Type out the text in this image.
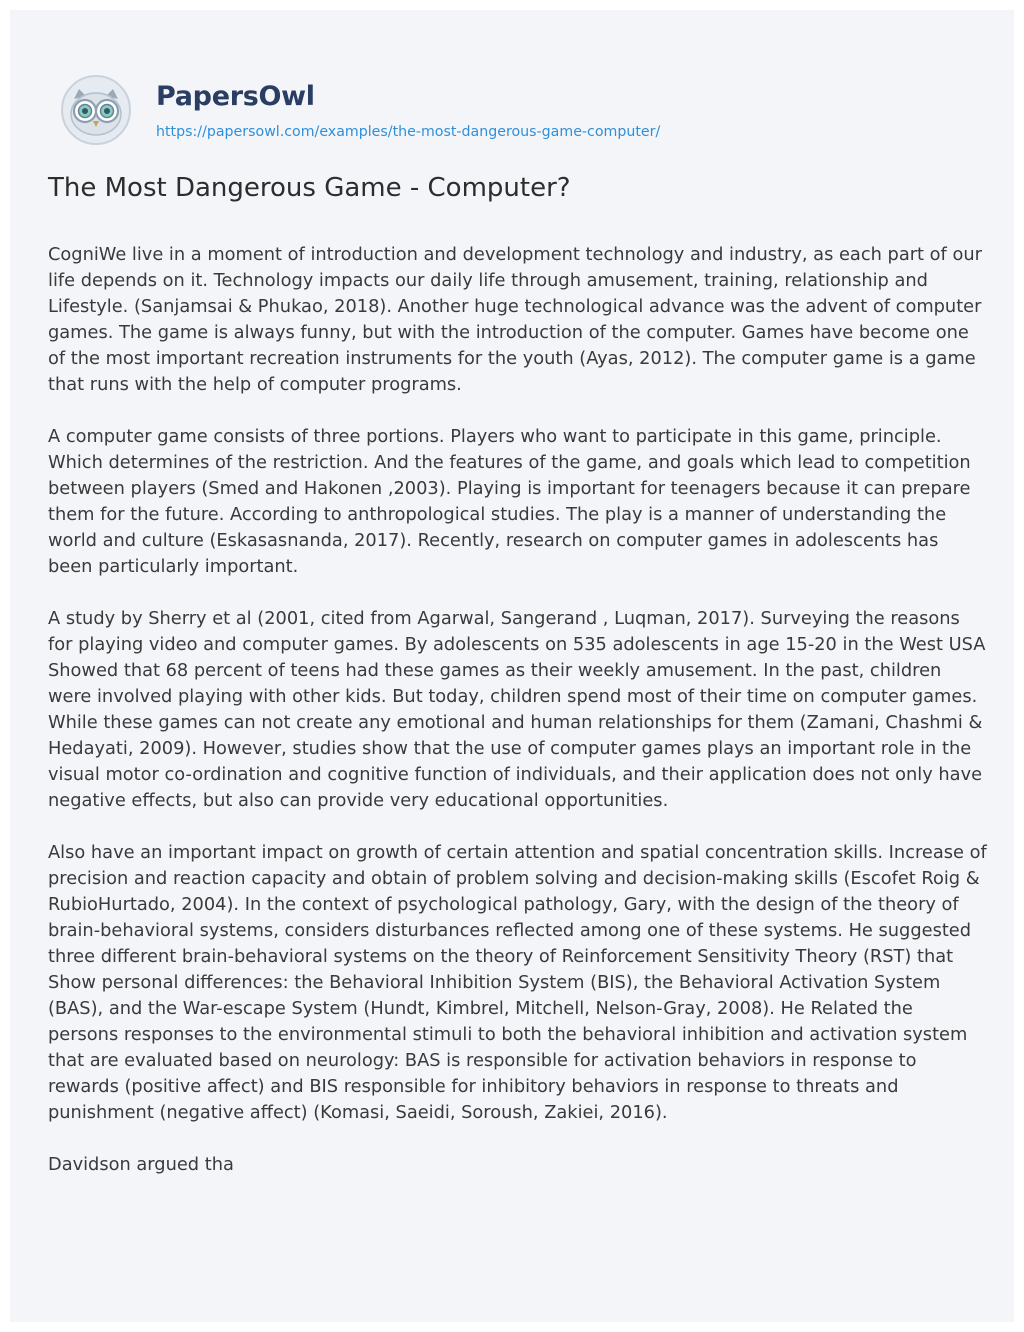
PapersOwl
https://papersowl.com/examples/the-most-dangerous-game-computer/
The Most Dangerous Game - Computer?

CogniWe live in a moment of introduction and development technology and industry, as each part of our life depends on it. Technology impacts our daily life through amusement, training, relationship and Lifestyle. (Sanjamsai & Phukao, 2018). Another huge technological advance was the advent of computer games. The game is always funny, but with the introduction of the computer. Games have become one of the most important recreation instruments for the youth (Ayas, 2012). The computer game is a game that runs with the help of computer programs.

A computer game consists of three portions. Players who want to participate in this game, principle. Which determines of the restriction. And the features of the game, and goals which lead to competition between players (Smed and Hakonen ,2003). Playing is important for teenagers because it can prepare them for the future. According to anthropological studies. The play is a manner of understanding the world and culture (Eskasasnanda, 2017). Recently, research on computer games in adolescents has been particularly important.

A study by Sherry et al (2001, cited from Agarwal, Sangerand , Luqman, 2017). Surveying the reasons for playing video and computer games. By adolescents on 535 adolescents in age 15-20 in the West USA Showed that 68 percent of teens had these games as their weekly amusement. In the past, children were involved playing with other kids. But today, children spend most of their time on computer games. While these games can not create any emotional and human relationships for them (Zamani, Chashmi & Hedayati, 2009). However, studies show that the use of computer games plays an important role in the visual motor co-ordination and cognitive function of individuals, and their application does not only have negative effects, but also can provide very educational opportunities.

Also have an important impact on growth of certain attention and spatial concentration skills. Increase of precision and reaction capacity and obtain of problem solving and decision-making skills (Escofet Roig & RubioHurtado, 2004). In the context of psychological pathology, Gary, with the design of the theory of brain-behavioral systems, considers disturbances reflected among one of these systems. He suggested three different brain-behavioral systems on the theory of Reinforcement Sensitivity Theory (RST) that Show personal differences: the Behavioral Inhibition System (BIS), the Behavioral Activation System (BAS), and the War-escape System (Hundt, Kimbrel, Mitchell, Nelson-Gray, 2008). He Related the persons responses to the environmental stimuli to both the behavioral inhibition and activation system that are evaluated based on neurology: BAS is responsible for activation behaviors in response to rewards (positive affect) and BIS responsible for inhibitory behaviors in response to threats and punishment (negative affect) (Komasi, Saeidi, Soroush, Zakiei, 2016).

Davidson argued tha
